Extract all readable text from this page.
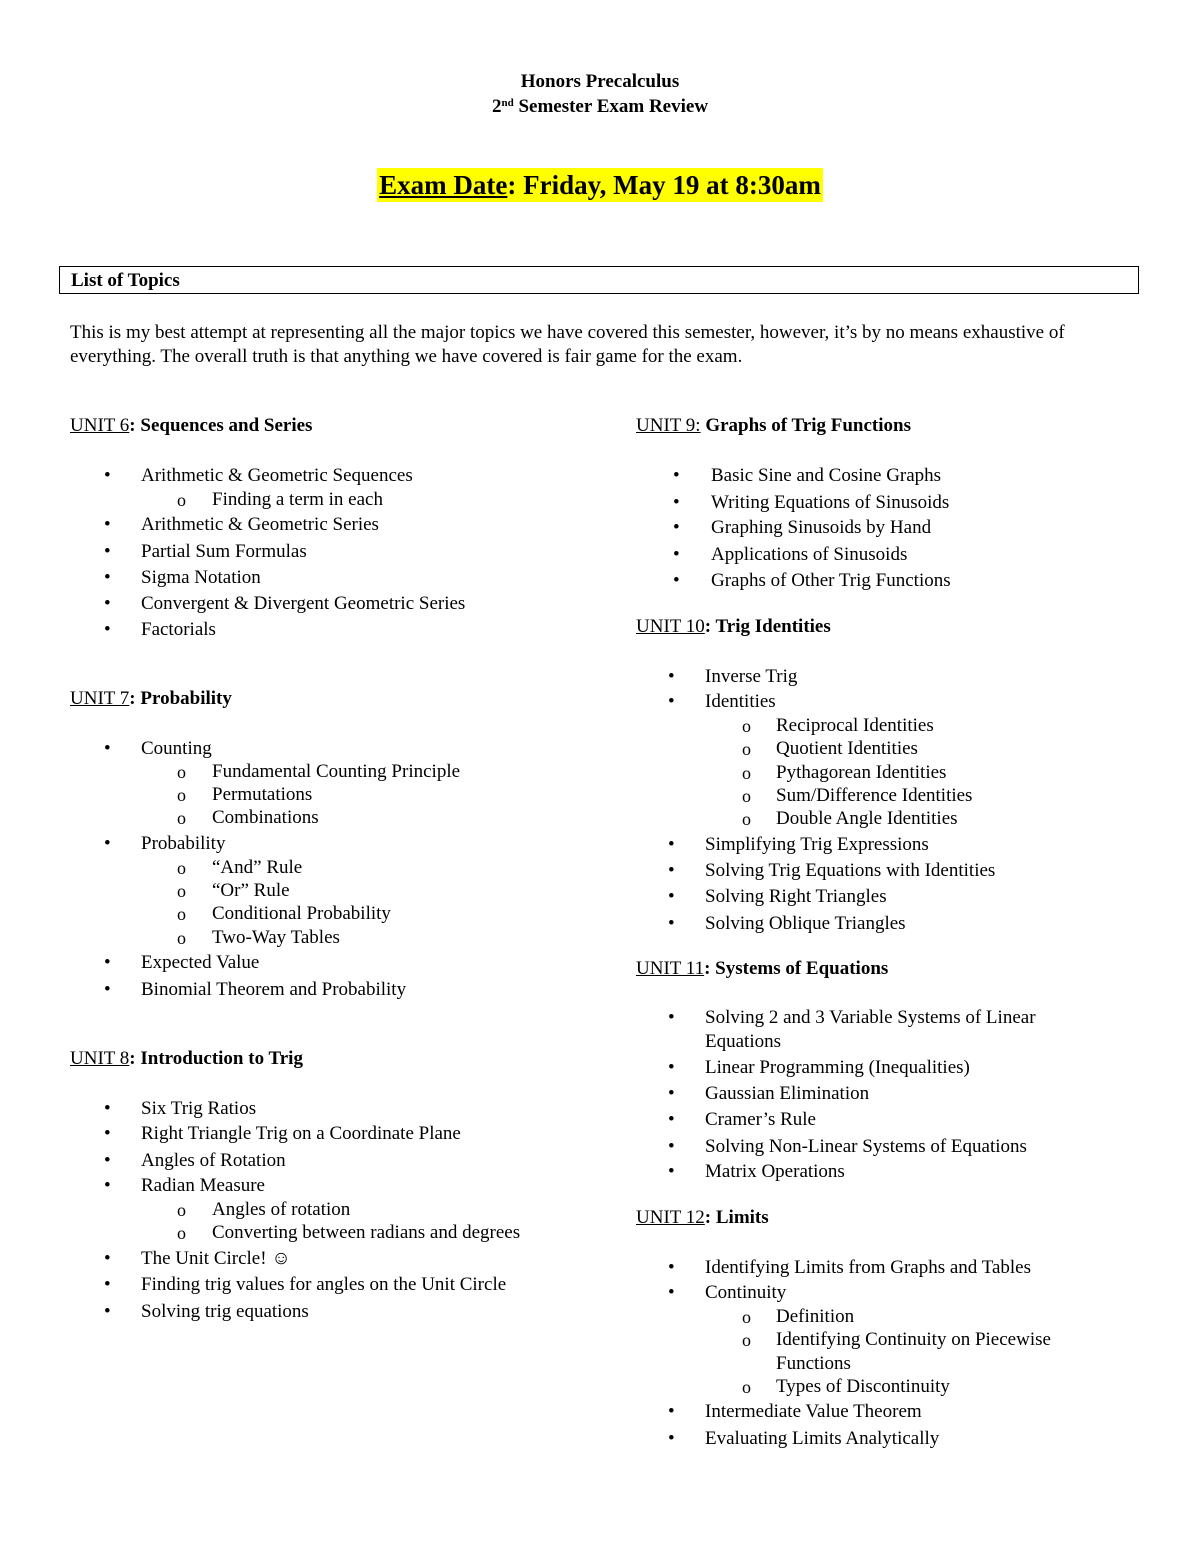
Honors Precalculus
2nd Semester Exam Review
Exam Date: Friday, May 19 at 8:30am
List of Topics
This is my best attempt at representing all the major topics we have covered this semester, however, it’s by no means exhaustive of everything. The overall truth is that anything we have covered is fair game for the exam.
UNIT 6: Sequences and Series
• Arithmetic & Geometric Sequences
o Finding a term in each
• Arithmetic & Geometric Series
• Partial Sum Formulas
• Sigma Notation
• Convergent & Divergent Geometric Series
• Factorials
UNIT 7: Probability
• Counting
o Fundamental Counting Principle
o Permutations
o Combinations
• Probability
o “And” Rule
o “Or” Rule
o Conditional Probability
o Two-Way Tables
• Expected Value
• Binomial Theorem and Probability
UNIT 8: Introduction to Trig
• Six Trig Ratios
• Right Triangle Trig on a Coordinate Plane
• Angles of Rotation
• Radian Measure
o Angles of rotation
o Converting between radians and degrees
• The Unit Circle! ☺
• Finding trig values for angles on the Unit Circle
• Solving trig equations
UNIT 9: Graphs of Trig Functions
• Basic Sine and Cosine Graphs
• Writing Equations of Sinusoids
• Graphing Sinusoids by Hand
• Applications of Sinusoids
• Graphs of Other Trig Functions
UNIT 10: Trig Identities
• Inverse Trig
• Identities
o Reciprocal Identities
o Quotient Identities
o Pythagorean Identities
o Sum/Difference Identities
o Double Angle Identities
• Simplifying Trig Expressions
• Solving Trig Equations with Identities
• Solving Right Triangles
• Solving Oblique Triangles
UNIT 11: Systems of Equations
• Solving 2 and 3 Variable Systems of Linear
Equations
• Linear Programming (Inequalities)
• Gaussian Elimination
• Cramer’s Rule
• Solving Non-Linear Systems of Equations
• Matrix Operations
UNIT 12: Limits
• Identifying Limits from Graphs and Tables
• Continuity
o Definition
o Identifying Continuity on Piecewise
Functions
o Types of Discontinuity
• Intermediate Value Theorem
• Evaluating Limits Analytically
